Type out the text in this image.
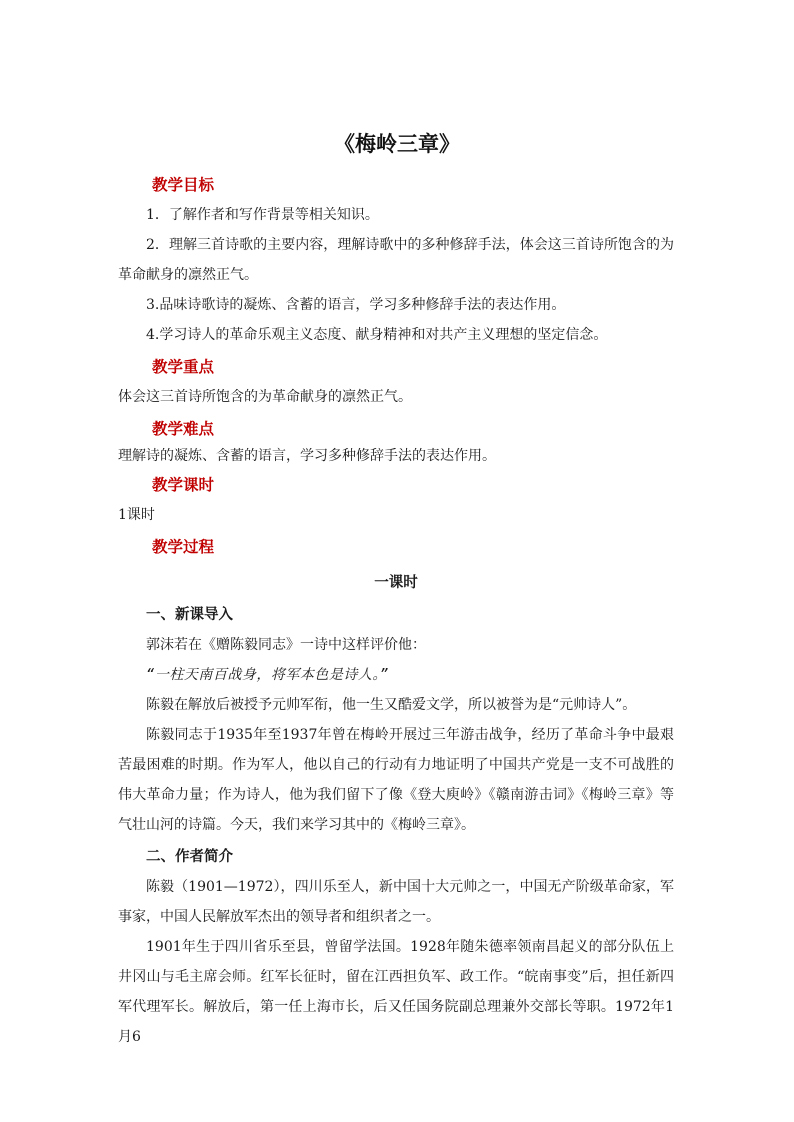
《梅岭三章》
教学目标

1．了解作者和写作背景等相关知识。

2．理解三首诗歌的主要内容，理解诗歌中的多种修辞手法，体会这三首诗所饱含的为革命献身的凛然正气。

3.品味诗歌诗的凝炼、含蓄的语言，学习多种修辞手法的表达作用。

4.学习诗人的革命乐观主义态度、献身精神和对共产主义理想的坚定信念。

教学重点

体会这三首诗所饱含的为革命献身的凛然正气。

教学难点

理解诗的凝炼、含蓄的语言，学习多种修辞手法的表达作用。

教学课时

1课时

教学过程
一课时
一、新课导入

郭沫若在《赠陈毅同志》一诗中这样评价他：

“一柱天南百战身，将军本色是诗人。”

陈毅在解放后被授予元帅军衔，他一生又酷爱文学，所以被誉为是“元帅诗人”。

陈毅同志于1935年至1937年曾在梅岭开展过三年游击战争，经历了革命斗争中最艰苦最困难的时期。作为军人，他以自己的行动有力地证明了中国共产党是一支不可战胜的伟大革命力量；作为诗人，他为我们留下了像《登大庾岭》《赣南游击词》《梅岭三章》等气壮山河的诗篇。今天，我们来学习其中的《梅岭三章》。

二、作者简介

陈毅（1901—1972），四川乐至人，新中国十大元帅之一，中国无产阶级革命家，军事家，中国人民解放军杰出的领导者和组织者之一。

1901年生于四川省乐至县，曾留学法国。1928年随朱德率领南昌起义的部分队伍上井冈山与毛主席会师。红军长征时，留在江西担负军、政工作。“皖南事变”后，担任新四军代理军长。解放后，第一任上海市长，后又任国务院副总理兼外交部长等职。1972年1月6
